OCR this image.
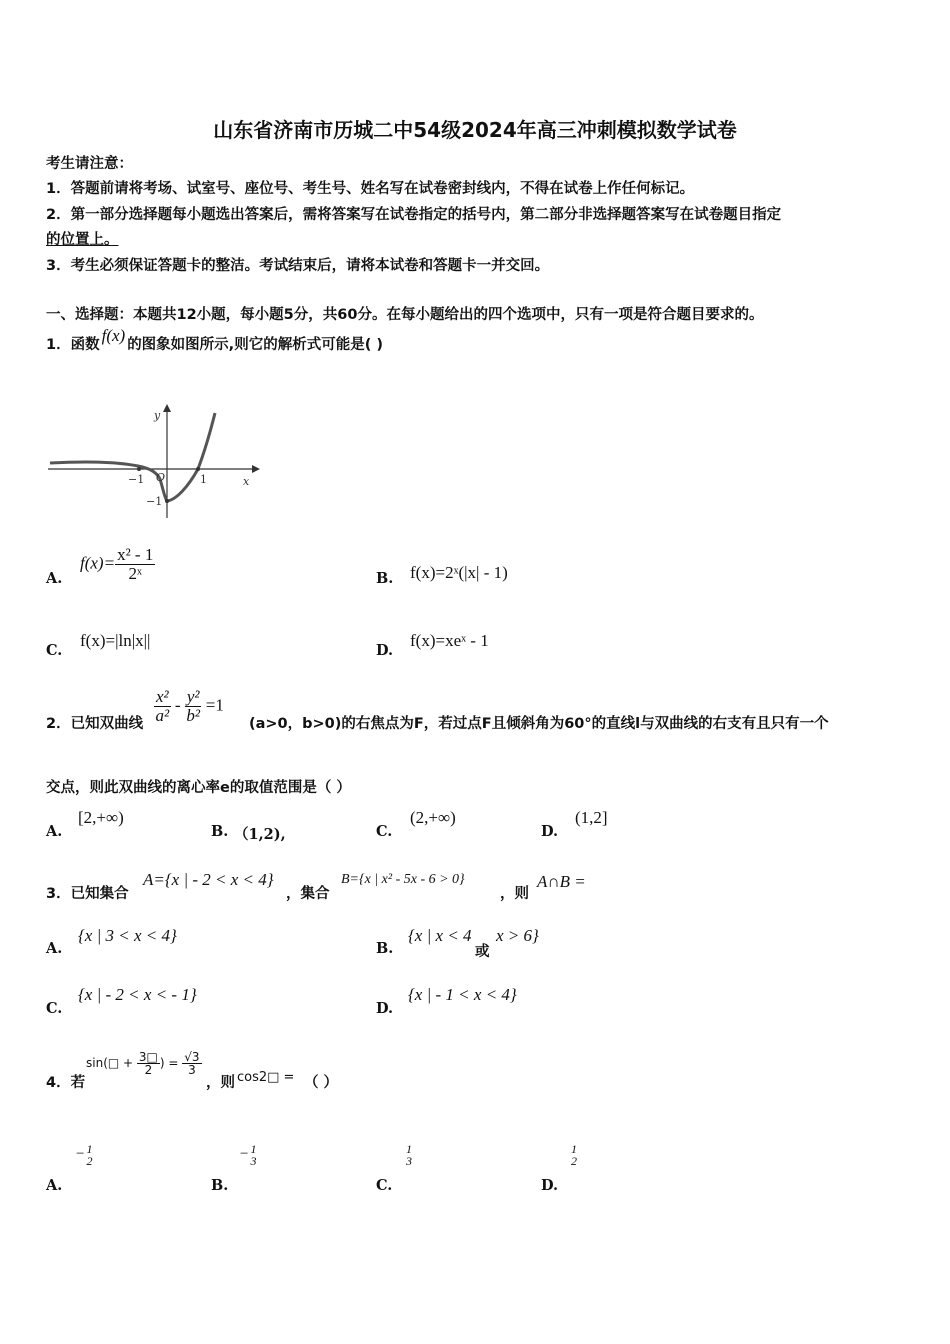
山东省济南市历城二中54级2024年高三冲刺模拟数学试卷
考生请注意：
1．答题前请将考场、试室号、座位号、考生号、姓名写在试卷密封线内，不得在试卷上作任何标记。
2．第一部分选择题每小题选出答案后，需将答案写在试卷指定的括号内，第二部分非选择题答案写在试卷题目指定
的位置上。
3．考生必须保证答题卡的整洁。考试结束后，请将本试卷和答题卡一并交回。
一、选择题：本题共12小题，每小题5分，共60分。在每小题给出的四个选项中，只有一项是符合题目要求的。
1．函数 f(x) 的图象如图所示,则它的解析式可能是( )
y
x
O
−1	1
−1
A.
$f(x)= \frac{\text{x² - 1}}{\text{2ˣ}}$	B. f(x)=2ˣ(|x| - 1)
C.
f(x)=|ln|x||
D.
f(x)=xeˣ - 1
2．已知双曲线 $\frac{\text{x²}}{\text{a²}} - \frac{\text{y²}}{\text{b²}} =1$
(a>0，b>0)的右焦点为F，若过点F且倾斜角为60°的直线l与双曲线的右支有且只有一个
交点，则此双曲线的离心率e的取值范围是（ ）
A.
[2,+∞)
B. （1,2),	C.
(2,+∞)
D.
(1,2]
3．已知集合
A={x | - 2 < x < 4}
，集合
B={x | x² - 5x - 6 > 0}
，则
A∩B =
A.
{x | 3 < x < 4}
B.
{x | x < 4
或
x > 6}
C.
{x | - 2 < x < - 1}
D.
{x | - 1 < x < 4}
4．若
sin(□ + $\frac{3□}{2}$ ) = $\frac{√3}{3}$
，则 cos2□ = （ ）
A.
− 1
2
B.
− 1
3
C.
1
3
D.
1
2
